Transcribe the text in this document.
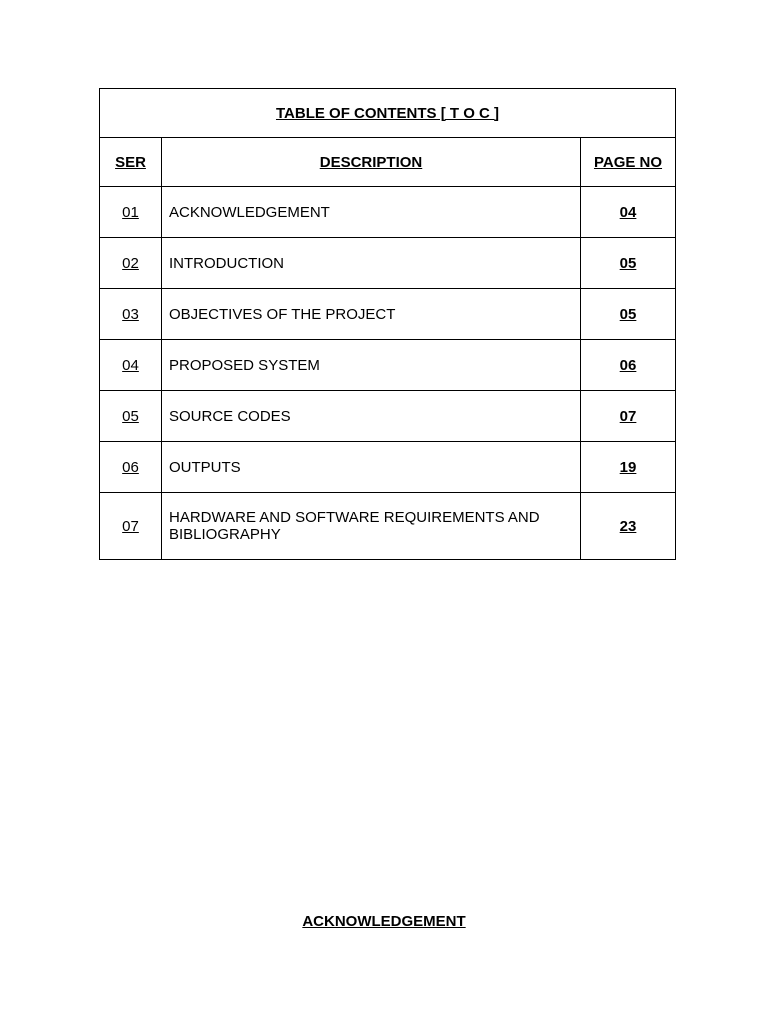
TABLE OF CONTENTS [ T O C ]		
SER	DESCRIPTION	PAGE NO
01	ACKNOWLEDGEMENT	04
02	INTRODUCTION	05
03	OBJECTIVES OF THE PROJECT	05
04	PROPOSED SYSTEM	06
05	SOURCE CODES	07
06	OUTPUTS	19
07	HARDWARE AND SOFTWARE REQUIREMENTS AND BIBLIOGRAPHY	23
ACKNOWLEDGEMENT
